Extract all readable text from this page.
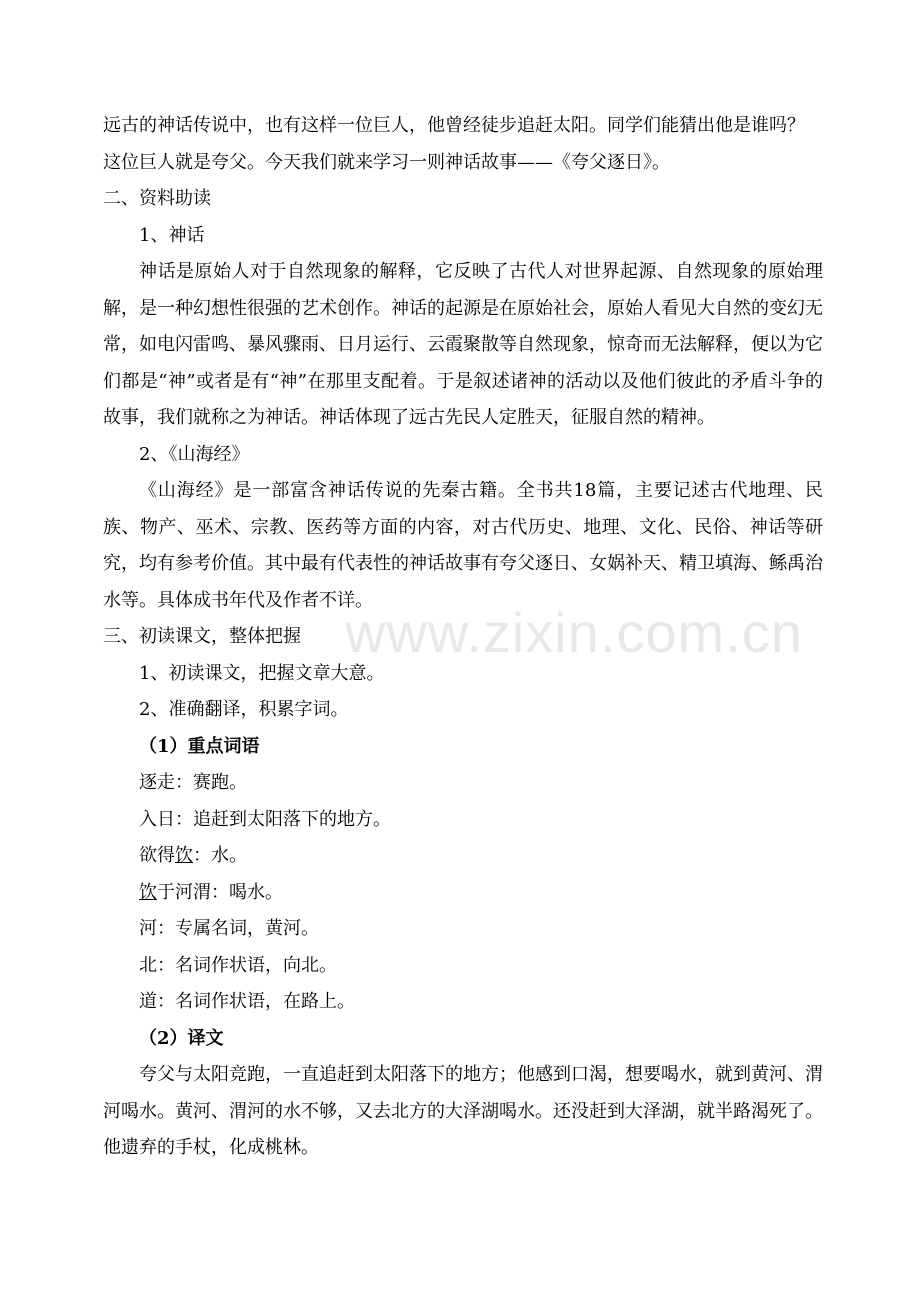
远古的神话传说中，也有这样一位巨人，他曾经徒步追赶太阳。同学们能猜出他是谁吗？

这位巨人就是夸父。今天我们就来学习一则神话故事——《夸父逐日》。

二、资料助读

1、神话

神话是原始人对于自然现象的解释，它反映了古代人对世界起源、自然现象的原始理解，是一种幻想性很强的艺术创作。神话的起源是在原始社会，原始人看见大自然的变幻无常，如电闪雷鸣、暴风骤雨、日月运行、云霞聚散等自然现象，惊奇而无法解释，便以为它们都是“神”或者是有“神”在那里支配着。于是叙述诸神的活动以及他们彼此的矛盾斗争的故事，我们就称之为神话。神话体现了远古先民人定胜天，征服自然的精神。

2、《山海经》

《山海经》是一部富含神话传说的先秦古籍。全书共18篇，主要记述古代地理、民族、物产、巫术、宗教、医药等方面的内容，对古代历史、地理、文化、民俗、神话等研究，均有参考价值。其中最有代表性的神话故事有夸父逐日、女娲补天、精卫填海、鲧禹治水等。具体成书年代及作者不详。

三、初读课文，整体把握

1、初读课文，把握文章大意。

2、准确翻译，积累字词。

（1）重点词语

逐走：赛跑。

入日：追赶到太阳落下的地方。

欲得饮：水。

饮于河渭：喝水。

河：专属名词，黄河。

北：名词作状语，向北。

道：名词作状语，在路上。

（2）译文

夸父与太阳竞跑，一直追赶到太阳落下的地方；他感到口渴，想要喝水，就到黄河、渭河喝水。黄河、渭河的水不够，又去北方的大泽湖喝水。还没赶到大泽湖，就半路渴死了。他遗弃的手杖，化成桃林。

www.zixin.com.cn
